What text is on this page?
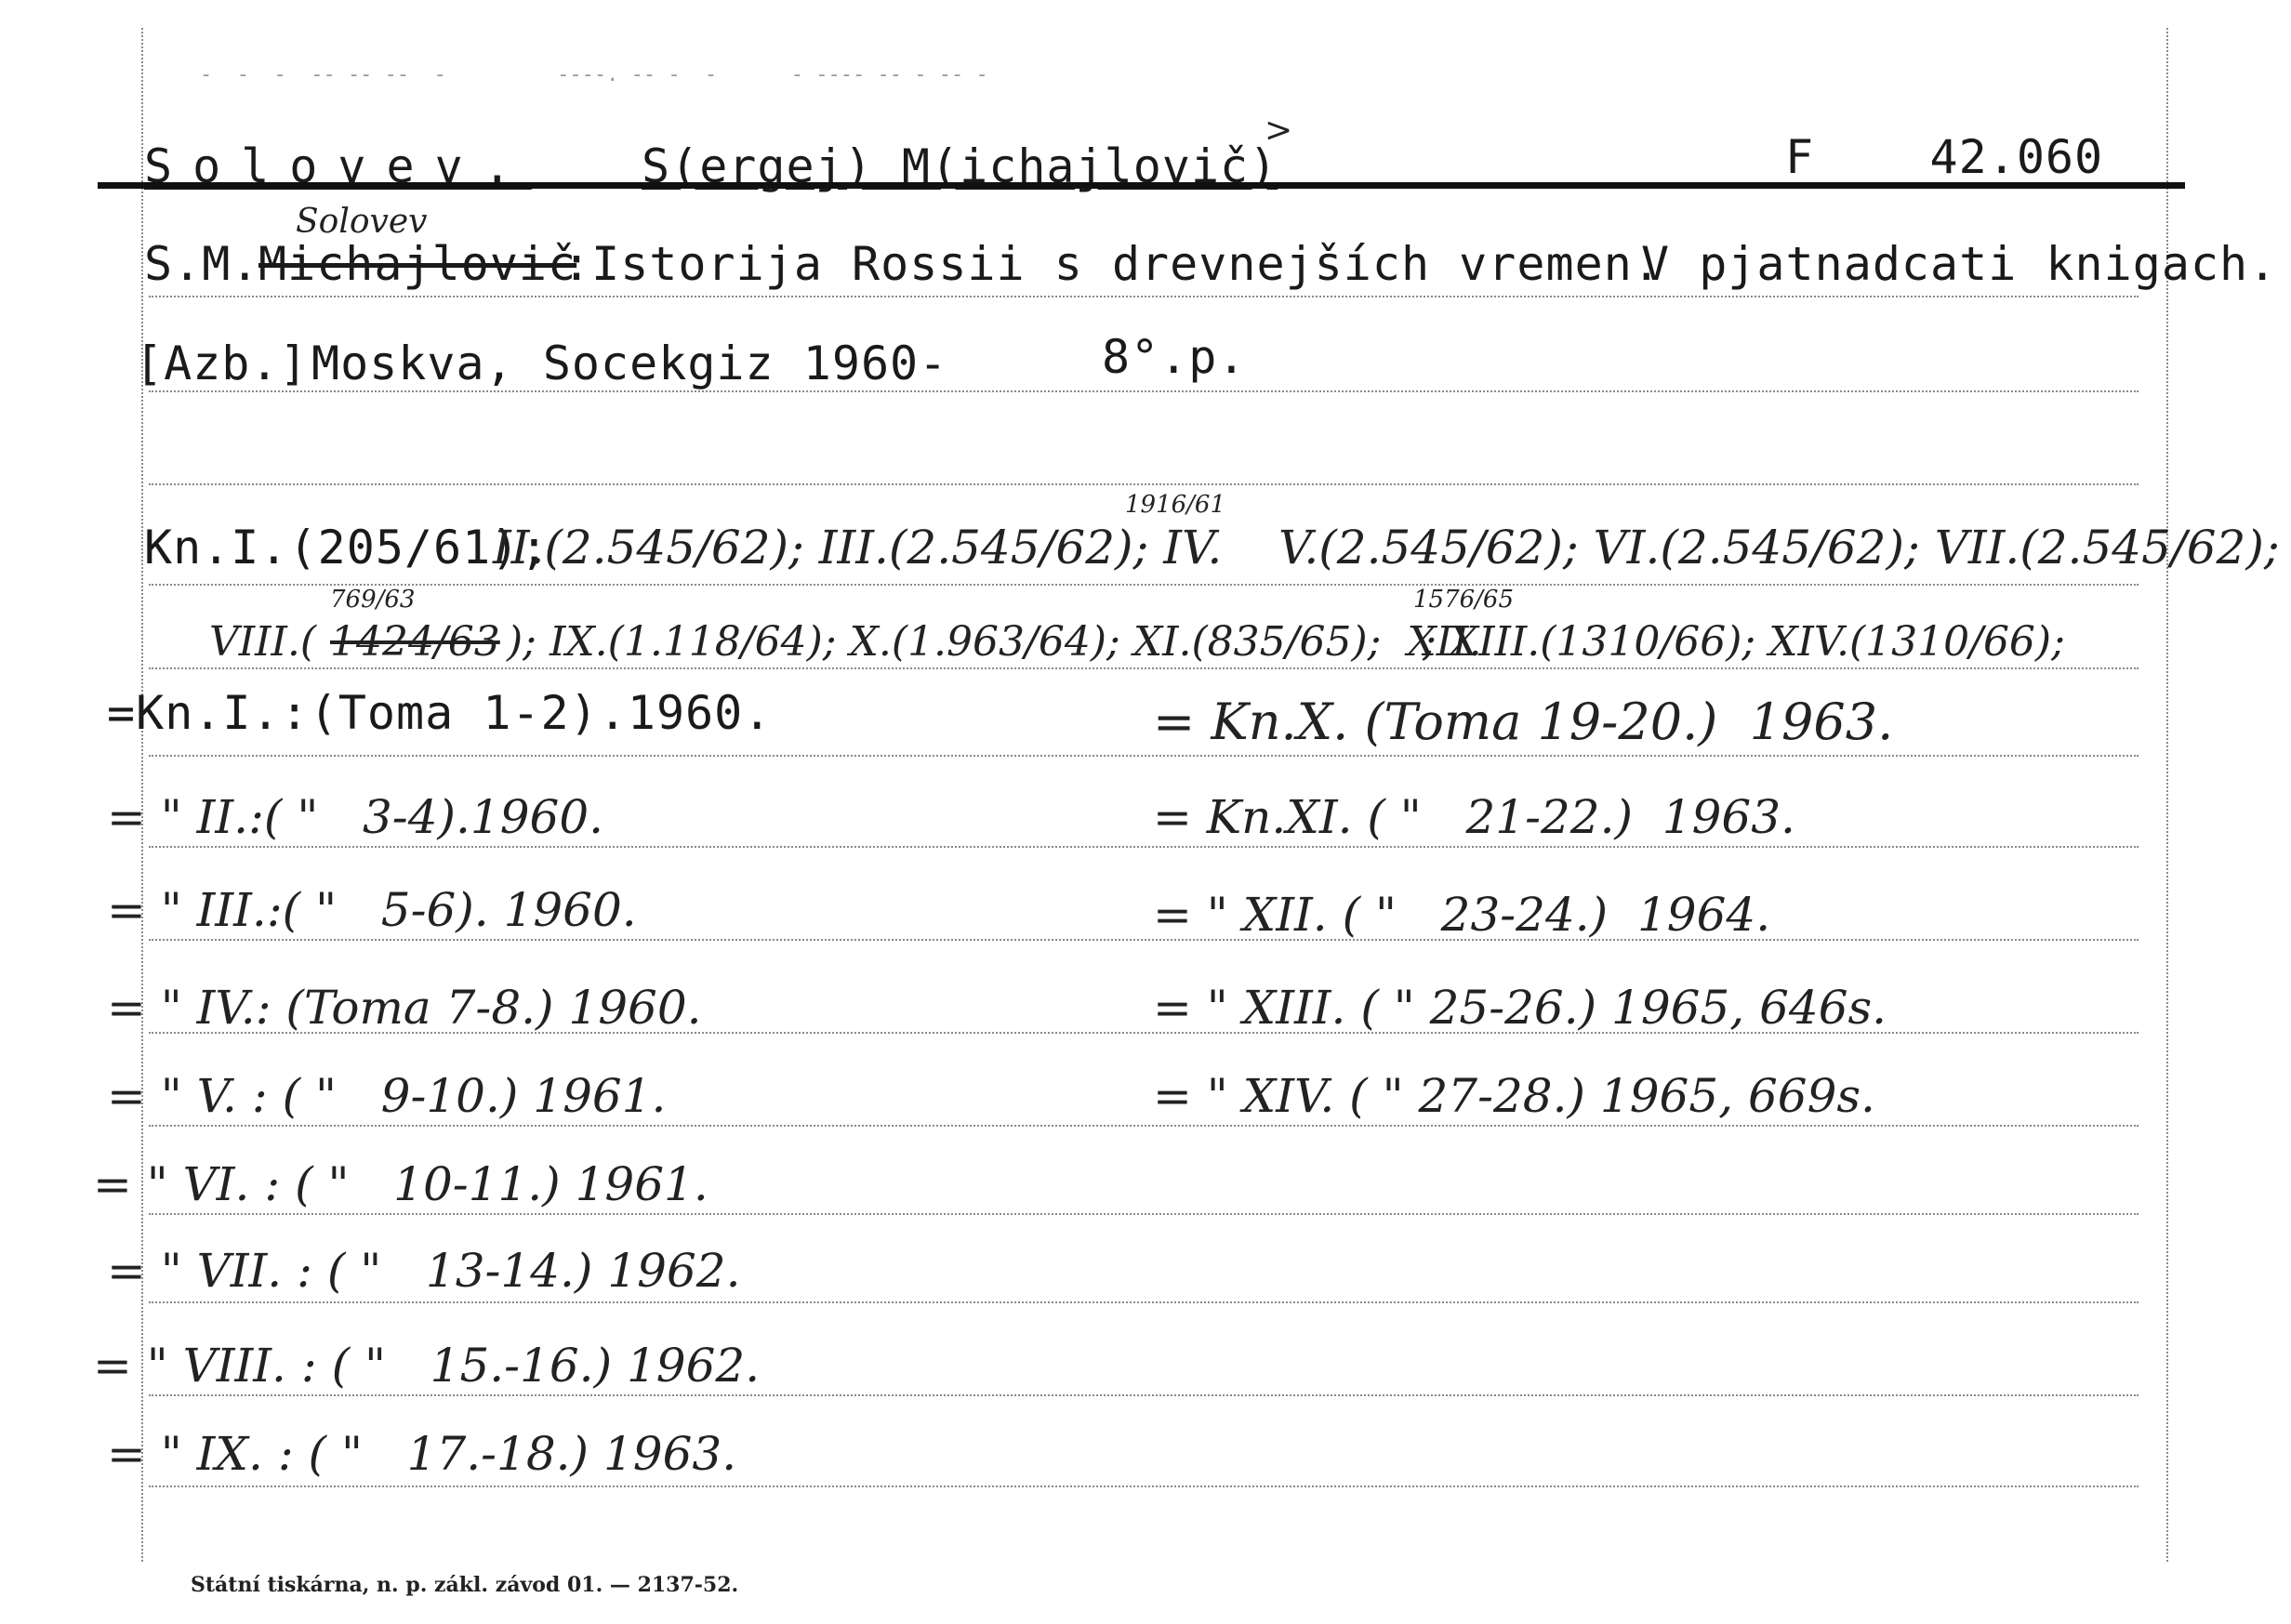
-  -  -  -- -- --  -         ----. -- -  -      - ---- -- - -- -
Solovev. S(ergej) M(ichajlovič)
>	F    42.060
Solovev
S.M.
Michajlovič
:Istorija Rossii s drevnejších vremen.
V pjatnadcati knigach.
[Azb.] Moskva, Socekgiz 1960-	8°.p.
Kn.I.(205/61);
II.(2.545/62); III.(2.545/62); IV.
1916/61
V.(2.545/62); VI.(2.545/62); VII.(2.545/62);
VIII.(
769/63
1424/63 ); IX.(1.118/64); X.(1.963/64); XI.(835/65);  XII.
1576/65
; XIII.(1310/66); XIV.(1310/66);
=Kn.I.:(Toma 1-2).1960.
= " II.:( "   3-4).1960.
= " III.:( "   5-6). 1960.
= " IV.: (Toma 7-8.) 1960.
= " V. : ( "   9-10.) 1961.
= " VI. : ( "   10-11.) 1961.
= " VII. : ( "   13-14.) 1962.
= " VIII. : ( "   15.-16.) 1962.
= " IX. : ( "   17.-18.) 1963.
= Kn.X. (Toma 19-20.)  1963.
= Kn.XI. ( "   21-22.)  1963.
= " XII. ( "   23-24.)  1964.
= " XIII. ( " 25-26.) 1965, 646s.
= " XIV. ( " 27-28.) 1965, 669s.
Státní tiskárna, n. p. zákl. závod 01. — 2137-52.
